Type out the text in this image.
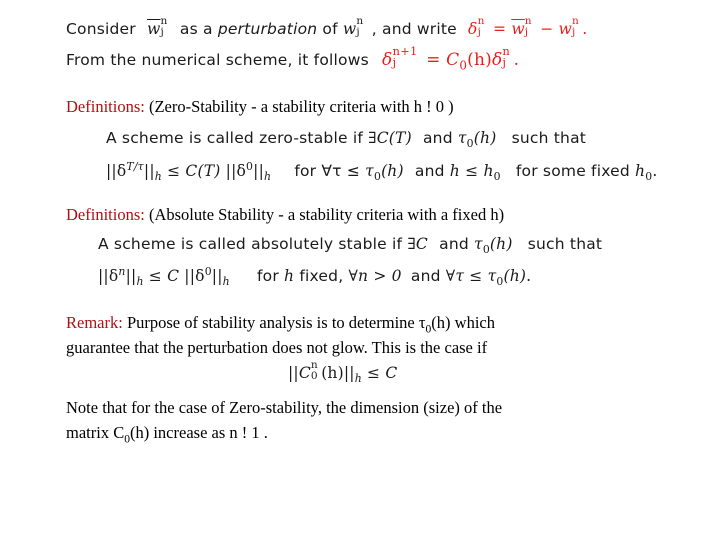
Consider $\overline{w}$ n
j as a perturbation of w n
j , and write δ n
$j = \overline{w}$ n
j − w n
j .
From the numerical scheme, it follows δ n+1
$j = C_0(h)\delta$ n
j .
Definitions: (Zero-Stability - a stability criteria with h ! 0 )
A scheme is called zero-stable if ∃C(T) and $\tau_0(h)$ such that
$||\delta^{T/\tau}||_h \le C(T)$ $||\delta^0||_h$ for ∀τ ≤ $\tau_0(h)$ and $h \le h_0$ for some fixed $h_0$.
Definitions: (Absolute Stability - a stability criteria with a fixed h)
A scheme is called absolutely stable if ∃C and $\tau_0(h)$ such that
$||\delta^n||_h \le C$ $||\delta^0||_h$ for h fixed, ∀n > 0 and ∀τ ≤ $\tau_0(h)$.
Remark: Purpose of stability analysis is to determine $\tau_0(h)$ which
guarantee that the perturbation does not glow. This is the case if
||C n
0 $(h)||_h \le C$
Note that for the case of Zero-stability, the dimension (size) of the
matrix $C_0(h)$ increase as n ! 1 .
